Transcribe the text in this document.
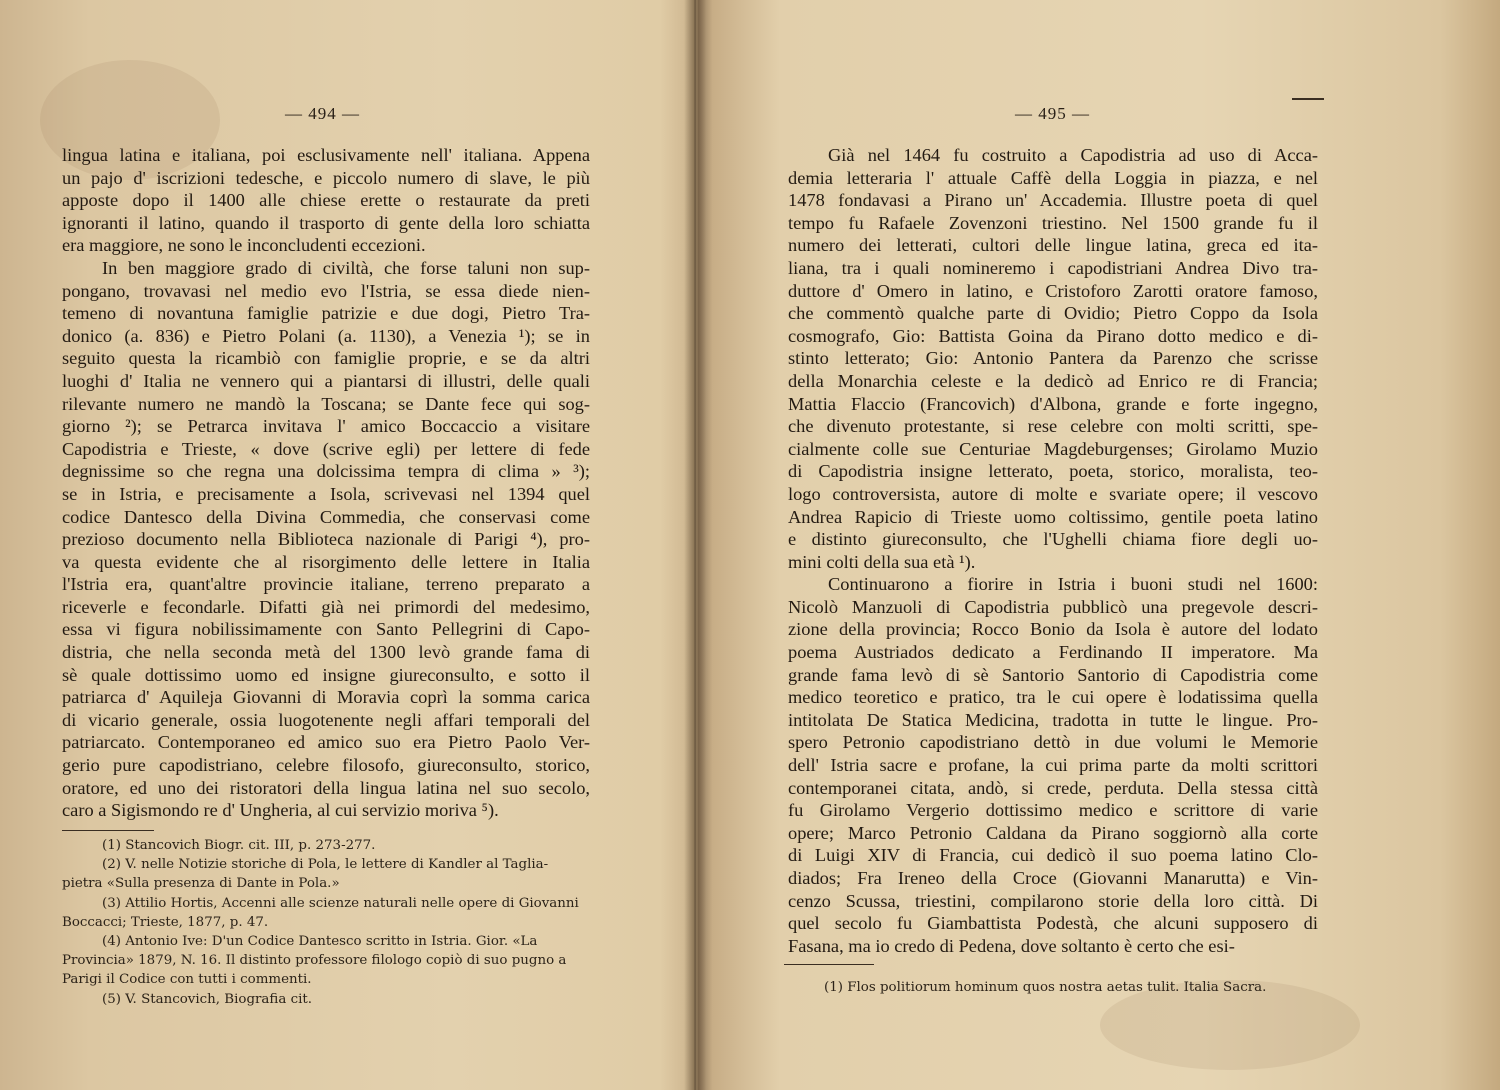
— 494 —
lingua latina e italiana, poi esclusivamente nell' italiana. Appena
un pajo d' iscrizioni tedesche, e piccolo numero di slave, le più
apposte dopo il 1400 alle chiese erette o restaurate da preti
ignoranti il latino, quando il trasporto di gente della loro schiatta
era maggiore, ne sono le inconcludenti eccezioni.
In ben maggiore grado di civiltà, che forse taluni non sup-
pongano, trovavasi nel medio evo l'Istria, se essa diede nien-
temeno di novantuna famiglie patrizie e due dogi, Pietro Tra-
donico (a. 836) e Pietro Polani (a. 1130), a Venezia ¹); se in
seguito questa la ricambiò con famiglie proprie, e se da altri
luoghi d' Italia ne vennero qui a piantarsi di illustri, delle quali
rilevante numero ne mandò la Toscana; se Dante fece qui sog-
giorno ²); se Petrarca invitava l' amico Boccaccio a visitare
Capodistria e Trieste, « dove (scrive egli) per lettere di fede
degnissime so che regna una dolcissima tempra di clima » ³);
se in Istria, e precisamente a Isola, scrivevasi nel 1394 quel
codice Dantesco della Divina Commedia, che conservasi come
prezioso documento nella Biblioteca nazionale di Parigi ⁴), pro-
va questa evidente che al risorgimento delle lettere in Italia
l'Istria era, quant'altre provincie italiane, terreno preparato a
riceverle e fecondarle. Difatti già nei primordi del medesimo,
essa vi figura nobilissimamente con Santo Pellegrini di Capo-
distria, che nella seconda metà del 1300 levò grande fama di
sè quale dottissimo uomo ed insigne giureconsulto, e sotto il
patriarca d' Aquileja Giovanni di Moravia coprì la somma carica
di vicario generale, ossia luogotenente negli affari temporali del
patriarcato. Contemporaneo ed amico suo era Pietro Paolo Ver-
gerio pure capodistriano, celebre filosofo, giureconsulto, storico,
oratore, ed uno dei ristoratori della lingua latina nel suo secolo,
caro a Sigismondo re d' Ungheria, al cui servizio moriva ⁵).
(1) Stancovich Biogr. cit. III, p. 273-277.
(2) V. nelle Notizie storiche di Pola, le lettere di Kandler al Taglia-
pietra «Sulla presenza di Dante in Pola.»
(3) Attilio Hortis, Accenni alle scienze naturali nelle opere di Giovanni
Boccacci; Trieste, 1877, p. 47.
(4) Antonio Ive: D'un Codice Dantesco scritto in Istria. Gior. «La
Provincia» 1879, N. 16. Il distinto professore filologo copiò di suo pugno a
Parigi il Codice con tutti i commenti.
(5) V. Stancovich, Biografia cit.
— 495 —
Già nel 1464 fu costruito a Capodistria ad uso di Acca-
demia letteraria l' attuale Caffè della Loggia in piazza, e nel
1478 fondavasi a Pirano un' Accademia. Illustre poeta di quel
tempo fu Rafaele Zovenzoni triestino. Nel 1500 grande fu il
numero dei letterati, cultori delle lingue latina, greca ed ita-
liana, tra i quali nomineremo i capodistriani Andrea Divo tra-
duttore d' Omero in latino, e Cristoforo Zarotti oratore famoso,
che commentò qualche parte di Ovidio; Pietro Coppo da Isola
cosmografo, Gio: Battista Goina da Pirano dotto medico e di-
stinto letterato; Gio: Antonio Pantera da Parenzo che scrisse
della Monarchia celeste e la dedicò ad Enrico re di Francia;
Mattia Flaccio (Francovich) d'Albona, grande e forte ingegno,
che divenuto protestante, si rese celebre con molti scritti, spe-
cialmente colle sue Centuriae Magdeburgenses; Girolamo Muzio
di Capodistria insigne letterato, poeta, storico, moralista, teo-
logo controversista, autore di molte e svariate opere; il vescovo
Andrea Rapicio di Trieste uomo coltissimo, gentile poeta latino
e distinto giureconsulto, che l'Ughelli chiama fiore degli uo-
mini colti della sua età ¹).
Continuarono a fiorire in Istria i buoni studi nel 1600:
Nicolò Manzuoli di Capodistria pubblicò una pregevole descri-
zione della provincia; Rocco Bonio da Isola è autore del lodato
poema Austriados dedicato a Ferdinando II imperatore. Ma
grande fama levò di sè Santorio Santorio di Capodistria come
medico teoretico e pratico, tra le cui opere è lodatissima quella
intitolata De Statica Medicina, tradotta in tutte le lingue. Pro-
spero Petronio capodistriano dettò in due volumi le Memorie
dell' Istria sacre e profane, la cui prima parte da molti scrittori
contemporanei citata, andò, si crede, perduta. Della stessa città
fu Girolamo Vergerio dottissimo medico e scrittore di varie
opere; Marco Petronio Caldana da Pirano soggiornò alla corte
di Luigi XIV di Francia, cui dedicò il suo poema latino Clo-
diados; Fra Ireneo della Croce (Giovanni Manarutta) e Vin-
cenzo Scussa, triestini, compilarono storie della loro città. Di
quel secolo fu Giambattista Podestà, che alcuni supposero di
Fasana, ma io credo di Pedena, dove soltanto è certo che esi-
(1) Flos politiorum hominum quos nostra aetas tulit. Italia Sacra.
